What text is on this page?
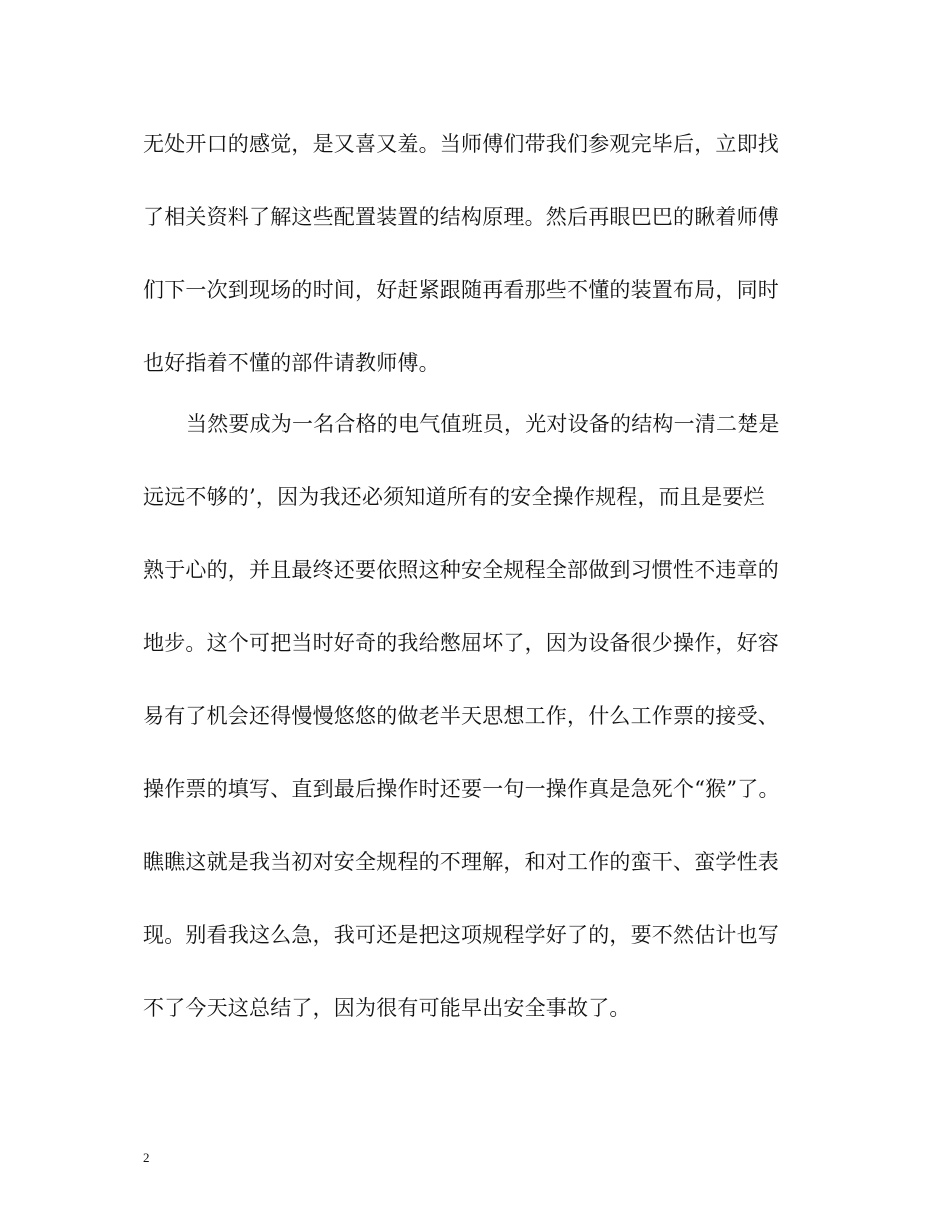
无处开口的感觉，是又喜又羞。当师傅们带我们参观完毕后，立即找
了相关资料了解这些配置装置的结构原理。然后再眼巴巴的瞅着师傅
们下一次到现场的时间，好赶紧跟随再看那些不懂的装置布局，同时
也好指着不懂的部件请教师傅。
当然要成为一名合格的电气值班员，光对设备的结构一清二楚是
远远不够的’，因为我还必须知道所有的安全操作规程，而且是要烂
熟于心的，并且最终还要依照这种安全规程全部做到习惯性不违章的
地步。这个可把当时好奇的我给憋屈坏了，因为设备很少操作，好容
易有了机会还得慢慢悠悠的做老半天思想工作，什么工作票的接受、
操作票的填写、直到最后操作时还要一句一操作真是急死个“猴”了。
瞧瞧这就是我当初对安全规程的不理解，和对工作的蛮干、蛮学性表
现。别看我这么急，我可还是把这项规程学好了的，要不然估计也写
不了今天这总结了，因为很有可能早出安全事故了。
2
